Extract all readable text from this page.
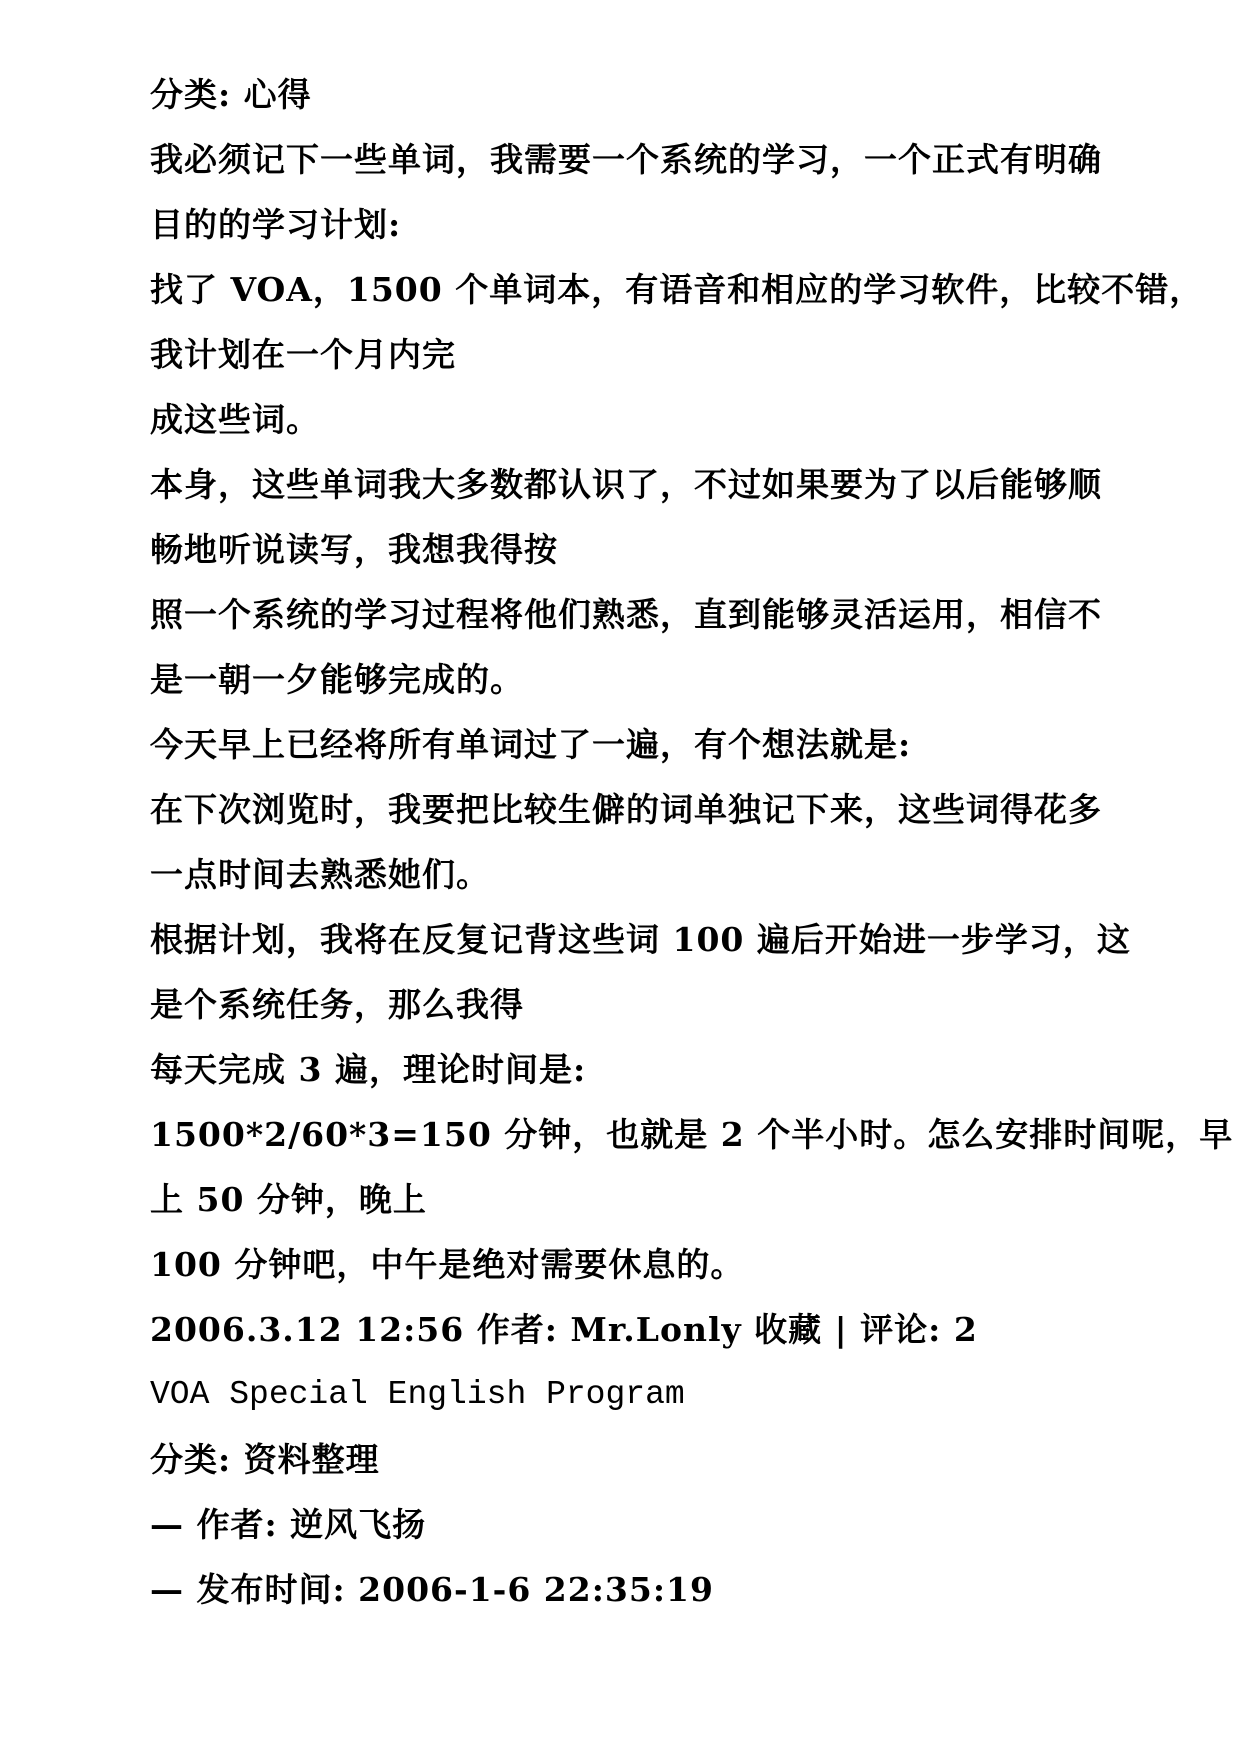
分类: 心得
我必须记下一些单词，我需要一个系统的学习，一个正式有明确
目的的学习计划:
找了 VOA，1500 个单词本，有语音和相应的学习软件，比较不错，
我计划在一个月内完
成这些词。
本身，这些单词我大多数都认识了，不过如果要为了以后能够顺
畅地听说读写，我想我得按
照一个系统的学习过程将他们熟悉，直到能够灵活运用，相信不
是一朝一夕能够完成的。
今天早上已经将所有单词过了一遍，有个想法就是:
在下次浏览时，我要把比较生僻的词单独记下来，这些词得花多
一点时间去熟悉她们。
根据计划，我将在反复记背这些词 100 遍后开始进一步学习，这
是个系统任务，那么我得
每天完成 3 遍，理论时间是:
1500*2/60*3=150 分钟，也就是 2 个半小时。怎么安排时间呢，早
上 50 分钟，晚上
100 分钟吧，中午是绝对需要休息的。
2006.3.12 12:56 作者: Mr.Lonly 收藏 | 评论: 2
VOA Special English Program
分类: 资料整理
— 作者: 逆风飞扬
— 发布时间: 2006-1-6 22:35:19
